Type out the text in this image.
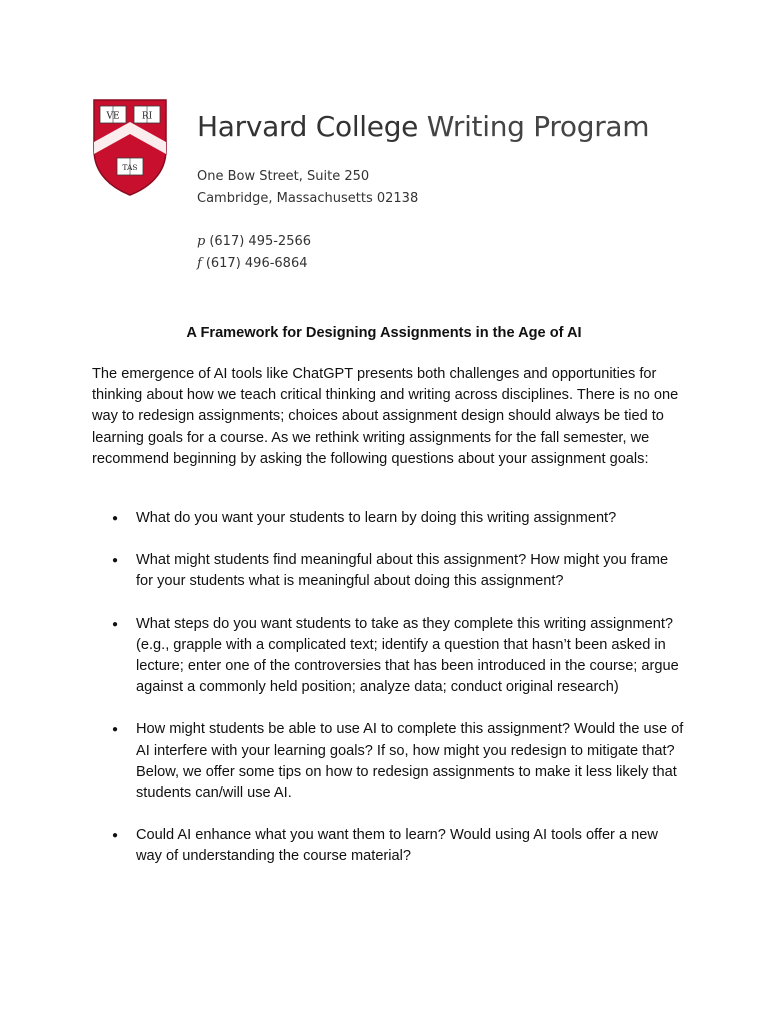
VE RI
TAS
Harvard College Writing Program
One Bow Street, Suite 250
Cambridge, Massachusetts 02138
p (617) 495-2566
f (617) 496-6864
A Framework for Designing Assignments in the Age of AI

The emergence of AI tools like ChatGPT presents both challenges and opportunities for thinking about how we teach critical thinking and writing across disciplines. There is no one way to redesign assignments; choices about assignment design should always be tied to learning goals for a course. As we rethink writing assignments for the fall semester, we recommend beginning by asking the following questions about your assignment goals:

● What do you want your students to learn by doing this writing assignment?
● What might students find meaningful about this assignment? How might you frame for your students what is meaningful about doing this assignment?
● What steps do you want students to take as they complete this writing assignment? (e.g., grapple with a complicated text; identify a question that hasn’t been asked in lecture; enter one of the controversies that has been introduced in the course; argue against a commonly held position; analyze data; conduct original research)
● How might students be able to use AI to complete this assignment? Would the use of AI interfere with your learning goals? If so, how might you redesign to mitigate that? Below, we offer some tips on how to redesign assignments to make it less likely that students can/will use AI.
● Could AI enhance what you want them to learn? Would using AI tools offer a new way of understanding the course material?
